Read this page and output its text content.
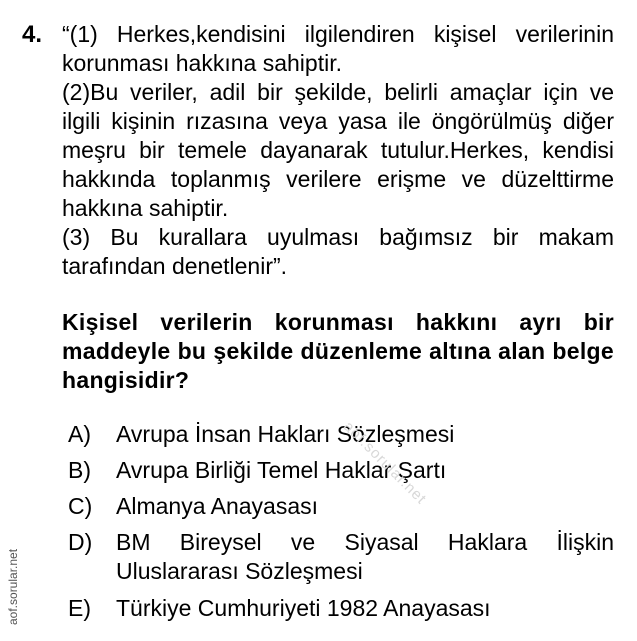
4. “(1) Herkes,kendisini ilgilendiren kişisel verilerinin korunması hakkına sahiptir.

(2)Bu veriler, adil bir şekilde, belirli amaçlar için ve ilgili kişinin rızasına veya yasa ile öngörülmüş diğer meşru bir temele dayanarak tutulur.Herkes, kendisi hakkında toplanmış verilere erişme ve düzelttirme hakkına sahiptir.

(3) Bu kurallara uyulması bağımsız bir makam tarafından denetlenir”.

Kişisel verilerin korunması hakkını ayrı bir maddeyle bu şekilde düzenleme altına alan belge hangisidir?
A)	Avrupa İnsan Hakları Sözleşmesi
B)	Avrupa Birliği Temel Haklar Şartı
C)	Almanya Anayasası
D)	BM Bireysel ve Siyasal Haklara İlişkin Uluslararası Sözleşmesi
E)	Türkiye Cumhuriyeti 1982 Anayasası
aof.sorular.net
aof.sorular.net
